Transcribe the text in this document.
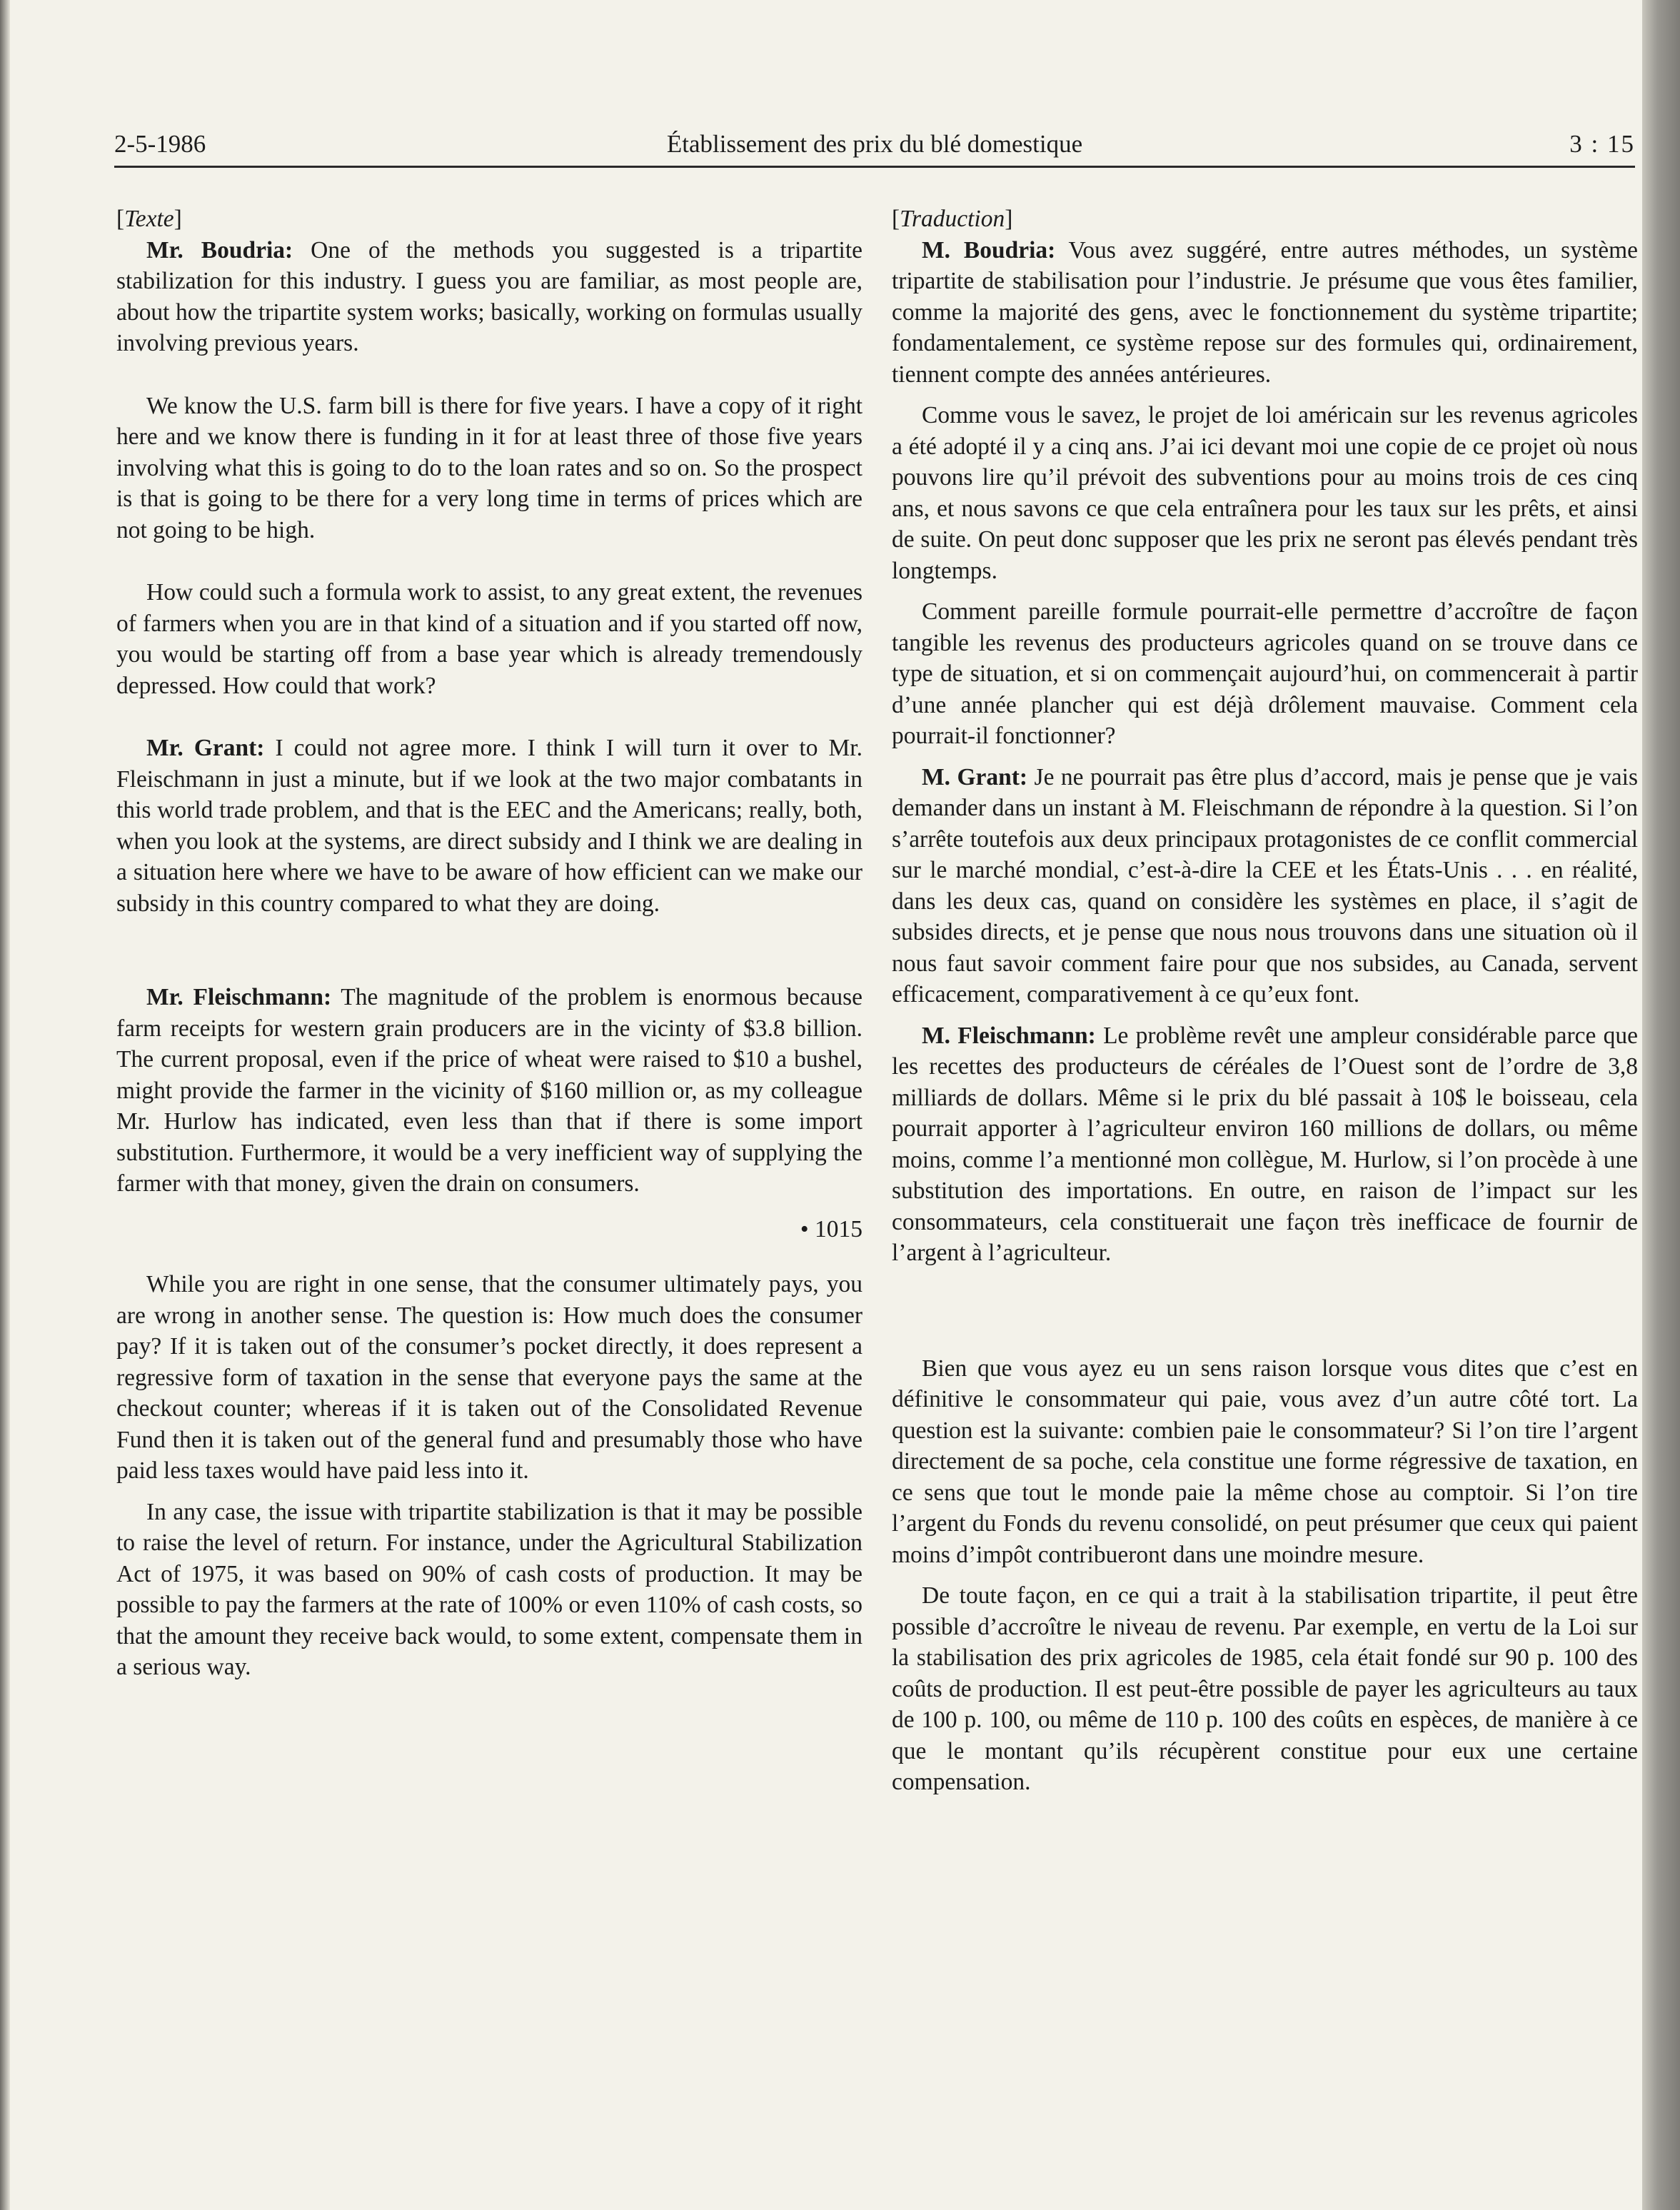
2-5-1986	Établissement des prix du blé domestique	3 : 15

[Texte]

Mr. Boudria: One of the methods you suggested is a tripartite stabilization for this industry. I guess you are familiar, as most people are, about how the tripartite system works; basically, working on formulas usually involving previous years.

We know the U.S. farm bill is there for five years. I have a copy of it right here and we know there is funding in it for at least three of those five years involving what this is going to do to the loan rates and so on. So the prospect is that is going to be there for a very long time in terms of prices which are not going to be high.

How could such a formula work to assist, to any great extent, the revenues of farmers when you are in that kind of a situation and if you started off now, you would be starting off from a base year which is already tremendously depressed. How could that work?

Mr. Grant: I could not agree more. I think I will turn it over to Mr. Fleischmann in just a minute, but if we look at the two major combatants in this world trade problem, and that is the EEC and the Americans; really, both, when you look at the systems, are direct subsidy and I think we are dealing in a situation here where we have to be aware of how efficient can we make our subsidy in this country compared to what they are doing.

Mr. Fleischmann: The magnitude of the problem is enormous because farm receipts for western grain producers are in the vicinty of $3.8 billion. The current proposal, even if the price of wheat were raised to $10 a bushel, might provide the farmer in the vicinity of $160 million or, as my colleague Mr. Hurlow has indicated, even less than that if there is some import substitution. Furthermore, it would be a very inefficient way of supplying the farmer with that money, given the drain on consumers.

• 1015

While you are right in one sense, that the consumer ultimately pays, you are wrong in another sense. The question is: How much does the consumer pay? If it is taken out of the consumer’s pocket directly, it does represent a regressive form of taxation in the sense that everyone pays the same at the checkout counter; whereas if it is taken out of the Consolidated Revenue Fund then it is taken out of the general fund and presumably those who have paid less taxes would have paid less into it.

In any case, the issue with tripartite stabilization is that it may be possible to raise the level of return. For instance, under the Agricultural Stabilization Act of 1975, it was based on 90% of cash costs of production. It may be possible to pay the farmers at the rate of 100% or even 110% of cash costs, so that the amount they receive back would, to some extent, compensate them in a serious way.

[Traduction]

M. Boudria: Vous avez suggéré, entre autres méthodes, un système tripartite de stabilisation pour l’industrie. Je présume que vous êtes familier, comme la majorité des gens, avec le fonctionnement du système tripartite; fondamentalement, ce système repose sur des formules qui, ordinairement, tiennent compte des années antérieures.

Comme vous le savez, le projet de loi américain sur les revenus agricoles a été adopté il y a cinq ans. J’ai ici devant moi une copie de ce projet où nous pouvons lire qu’il prévoit des subventions pour au moins trois de ces cinq ans, et nous savons ce que cela entraînera pour les taux sur les prêts, et ainsi de suite. On peut donc supposer que les prix ne seront pas élevés pendant très longtemps.

Comment pareille formule pourrait-elle permettre d’accroître de façon tangible les revenus des producteurs agricoles quand on se trouve dans ce type de situation, et si on commençait aujourd’hui, on commencerait à partir d’une année plancher qui est déjà drôlement mauvaise. Comment cela pourrait-il fonctionner?

M. Grant: Je ne pourrait pas être plus d’accord, mais je pense que je vais demander dans un instant à M. Fleischmann de répondre à la question. Si l’on s’arrête toutefois aux deux principaux protagonistes de ce conflit commercial sur le marché mondial, c’est-à-dire la CEE et les États-Unis . . . en réalité, dans les deux cas, quand on considère les systèmes en place, il s’agit de subsides directs, et je pense que nous nous trouvons dans une situation où il nous faut savoir comment faire pour que nos subsides, au Canada, servent efficacement, comparativement à ce qu’eux font.

M. Fleischmann: Le problème revêt une ampleur considérable parce que les recettes des producteurs de céréales de l’Ouest sont de l’ordre de 3,8 milliards de dollars. Même si le prix du blé passait à 10$ le boisseau, cela pourrait apporter à l’agriculteur environ 160 millions de dollars, ou même moins, comme l’a mentionné mon collègue, M. Hurlow, si l’on procède à une substitution des importations. En outre, en raison de l’impact sur les consommateurs, cela constituerait une façon très inefficace de fournir de l’argent à l’agriculteur.

Bien que vous ayez eu un sens raison lorsque vous dites que c’est en définitive le consommateur qui paie, vous avez d’un autre côté tort. La question est la suivante: combien paie le consommateur? Si l’on tire l’argent directement de sa poche, cela constitue une forme régressive de taxation, en ce sens que tout le monde paie la même chose au comptoir. Si l’on tire l’argent du Fonds du revenu consolidé, on peut présumer que ceux qui paient moins d’impôt contribueront dans une moindre mesure.

De toute façon, en ce qui a trait à la stabilisation tripartite, il peut être possible d’accroître le niveau de revenu. Par exemple, en vertu de la Loi sur la stabilisation des prix agricoles de 1985, cela était fondé sur 90 p. 100 des coûts de production. Il est peut-être possible de payer les agriculteurs au taux de 100 p. 100, ou même de 110 p. 100 des coûts en espèces, de manière à ce que le montant qu’ils récupèrent constitue pour eux une certaine compensation.
